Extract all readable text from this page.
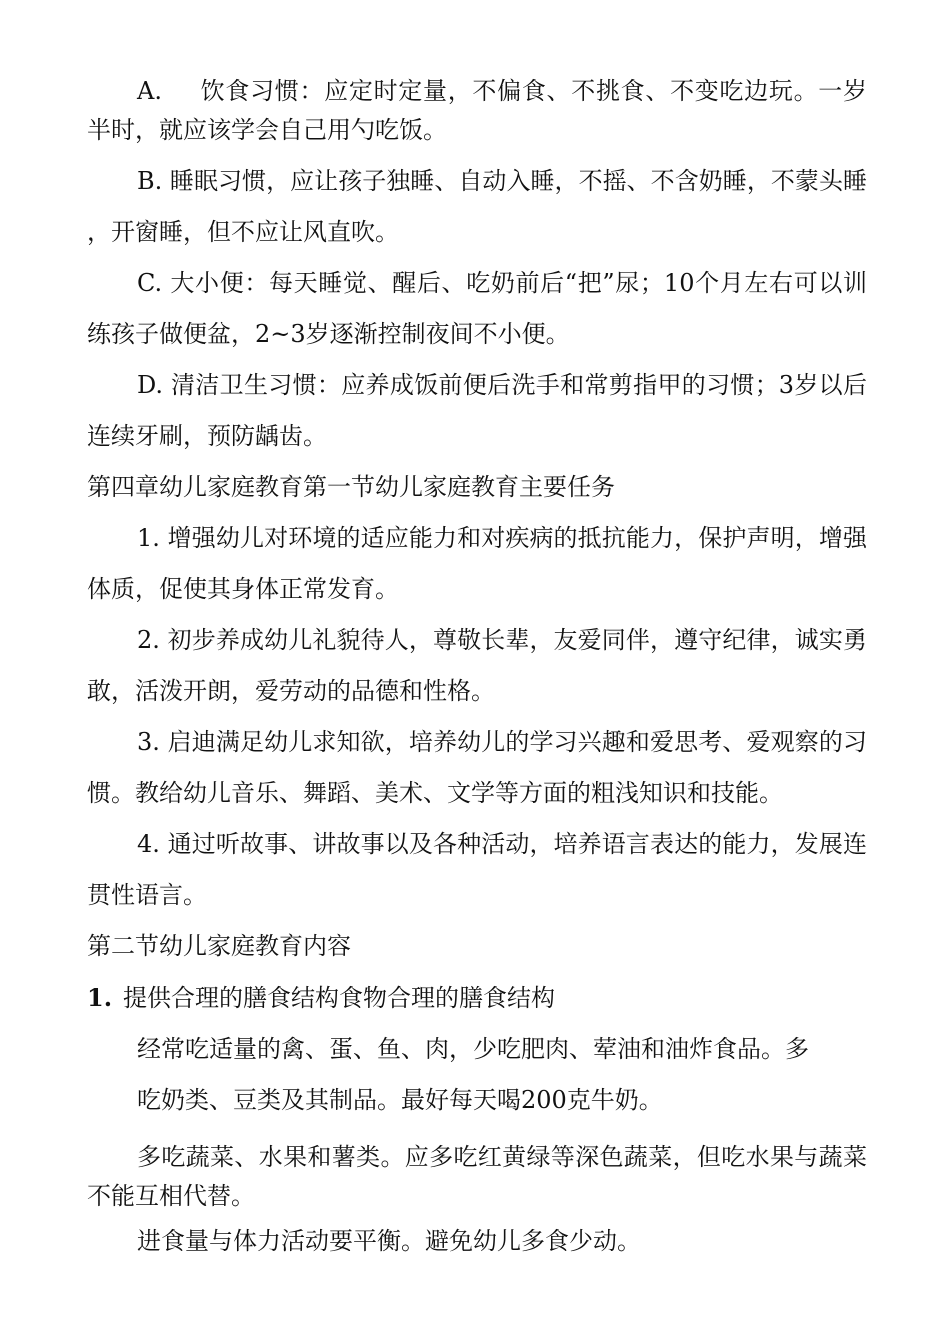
A. 饮食习惯：应定时定量，不偏食、不挑食、不变吃边玩。一岁半时，就应该学会自己用勺吃饭。

B. 睡眠习惯，应让孩子独睡、自动入睡，不摇、不含奶睡，不蒙头睡，开窗睡，但不应让风直吹。

C. 大小便：每天睡觉、醒后、吃奶前后“把”尿；10个月左右可以训练孩子做便盆，2~3岁逐渐控制夜间不小便。

D. 清洁卫生习惯：应养成饭前便后洗手和常剪指甲的习惯；3岁以后连续牙刷，预防龋齿。

第四章幼儿家庭教育第一节幼儿家庭教育主要任务

1. 增强幼儿对环境的适应能力和对疾病的抵抗能力，保护声明，增强体质，促使其身体正常发育。

2. 初步养成幼儿礼貌待人，尊敬长辈，友爱同伴，遵守纪律，诚实勇敢，活泼开朗，爱劳动的品德和性格。

3. 启迪满足幼儿求知欲，培养幼儿的学习兴趣和爱思考、爱观察的习惯。教给幼儿音乐、舞蹈、美术、文学等方面的粗浅知识和技能。

4. 通过听故事、讲故事以及各种活动，培养语言表达的能力，发展连贯性语言。

第二节幼儿家庭教育内容

1. 提供合理的膳食结构食物合理的膳食结构

经常吃适量的禽、蛋、鱼、肉，少吃肥肉、荤油和油炸食品。多

吃奶类、豆类及其制品。最好每天喝200克牛奶。

多吃蔬菜、水果和薯类。应多吃红黄绿等深色蔬菜，但吃水果与蔬菜不能互相代替。

进食量与体力活动要平衡。避免幼儿多食少动。
